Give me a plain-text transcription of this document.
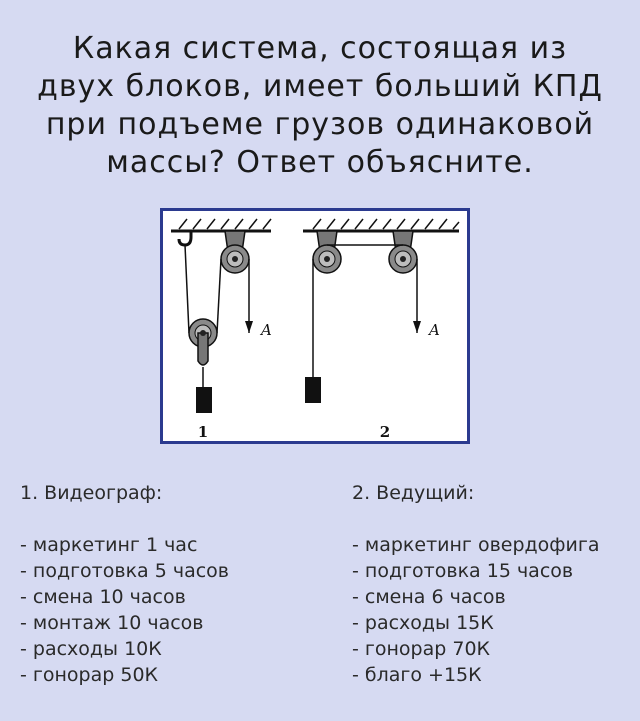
Какая система, состоящая из
двух блоков, имеет больший КПД
при подъеме грузов одинаковой
массы? Ответ объясните.
A	A
1	2
1. Видеограф:
- маркетинг 1 час
- подготовка 5 часов
- смена 10 часов
- монтаж 10 часов
- расходы 10К
- гонорар 50К
2. Ведущий:
- маркетинг овердофига
- подготовка 15 часов
- смена 6 часов
- расходы 15К
- гонорар 70К
- благо +15К
